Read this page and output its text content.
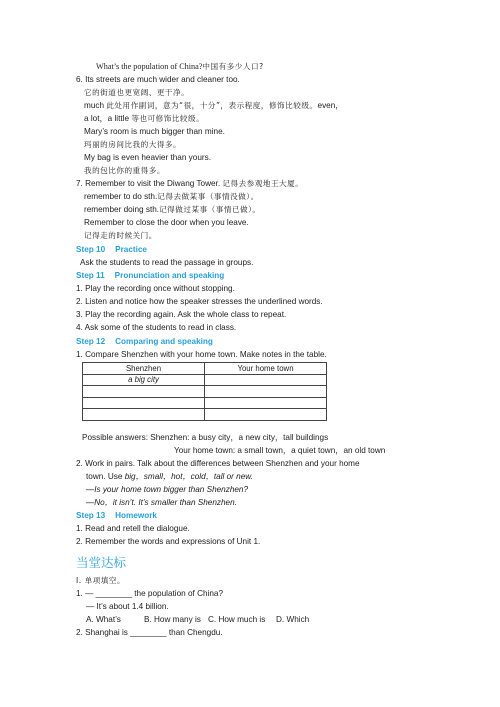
What’s the population of China?中国有多少人口?
6. Its streets are much wider and cleaner too.
它的街道也更宽阔、更干净。
much 此处用作副词，意为“很，十分”，表示程度，修饰比较级。even，
a lot，a little 等也可修饰比较级。
Mary’s room is much bigger than mine.
玛丽的房间比我的大得多。
My bag is even heavier than yours.
我的包比你的重得多。
7. Remember to visit the Diwang Tower. 记得去参观地王大厦。
remember to do sth.记得去做某事（事情没做）。
remember doing sth.记得做过某事（事情已做）。
Remember to close the door when you leave.
记得走的时候关门。
Step 10 Practice
Ask the students to read the passage in groups.
Step 11 Pronunciation and speaking
1. Play the recording once without stopping.
2. Listen and notice how the speaker stresses the underlined words.
3. Play the recording again. Ask the whole class to repeat.
4. Ask some of the students to read in class.
Step 12 Comparing and speaking
1. Compare Shenzhen with your home town. Make notes in the table.
Shenzhen	Your home town
a big city	

Possible answers: Shenzhen: a busy city，a new city，tall buildings
Your home town: a small town，a quiet town，an old town
2. Work in pairs. Talk about the differences between Shenzhen and your home
town. Use big，small，hot，cold，tall or new.
—Is your home town bigger than Shenzhen?
—No，it isn’t. It’s smaller than Shenzhen.
Step 13 Homework
1. Read and retell the dialogue.
2. Remember the words and expressions of Unit 1.
当堂达标
I. 单项填空。
1. — ________ the population of China?
— It’s about 1.4 billion.
A. What’s	B. How many is C. How much is D. Which
2. Shanghai is ________ than Chengdu.
